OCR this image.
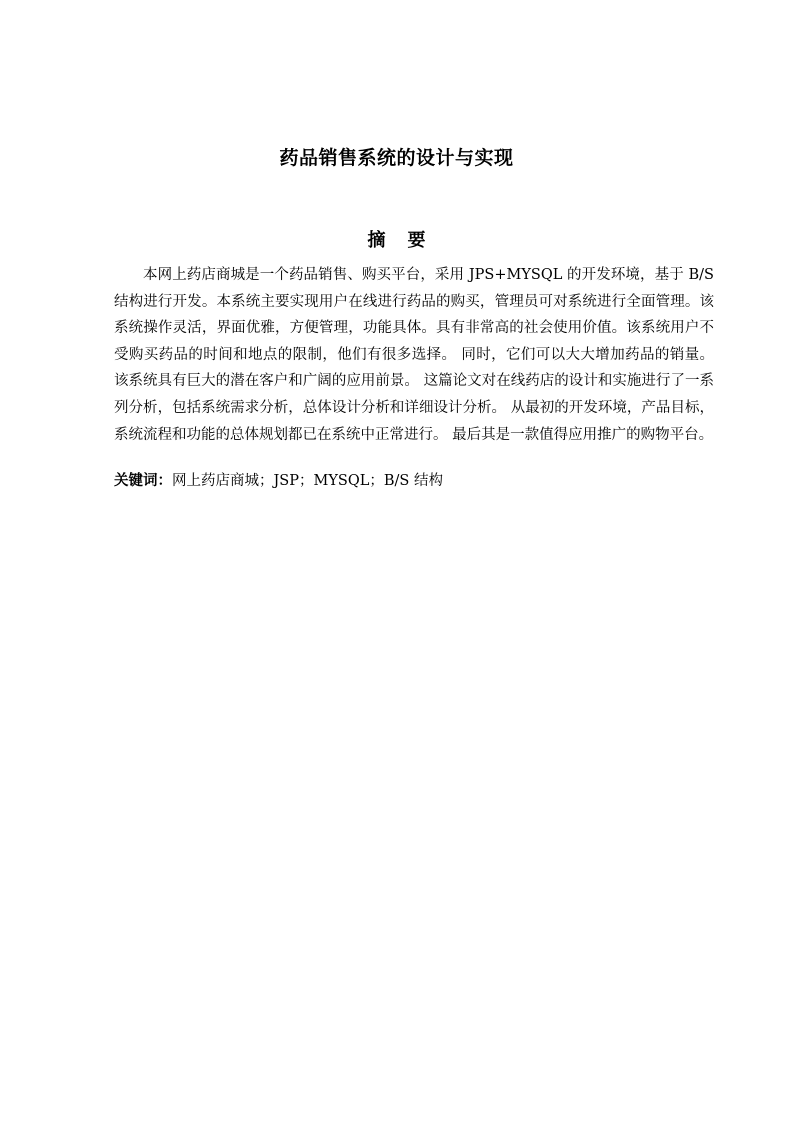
药品销售系统的设计与实现
摘 要

本网上药店商城是一个药品销售、购买平台，采用 JPS+MYSQL 的开发环境，基于 B/S 结构进行开发。本系统主要实现用户在线进行药品的购买，管理员可对系统进行全面管理。该系统操作灵活，界面优雅，方便管理，功能具体。具有非常高的社会使用价值。该系统用户不受购买药品的时间和地点的限制，他们有很多选择。 同时，它们可以大大增加药品的销量。 该系统具有巨大的潜在客户和广阔的应用前景。 这篇论文对在线药店的设计和实施进行了一系列分析，包括系统需求分析，总体设计分析和详细设计分析。 从最初的开发环境，产品目标，系统流程和功能的总体规划都已在系统中正常进行。 最后其是一款值得应用推广的购物平台。

关键词：网上药店商城；JSP；MYSQL；B/S 结构
